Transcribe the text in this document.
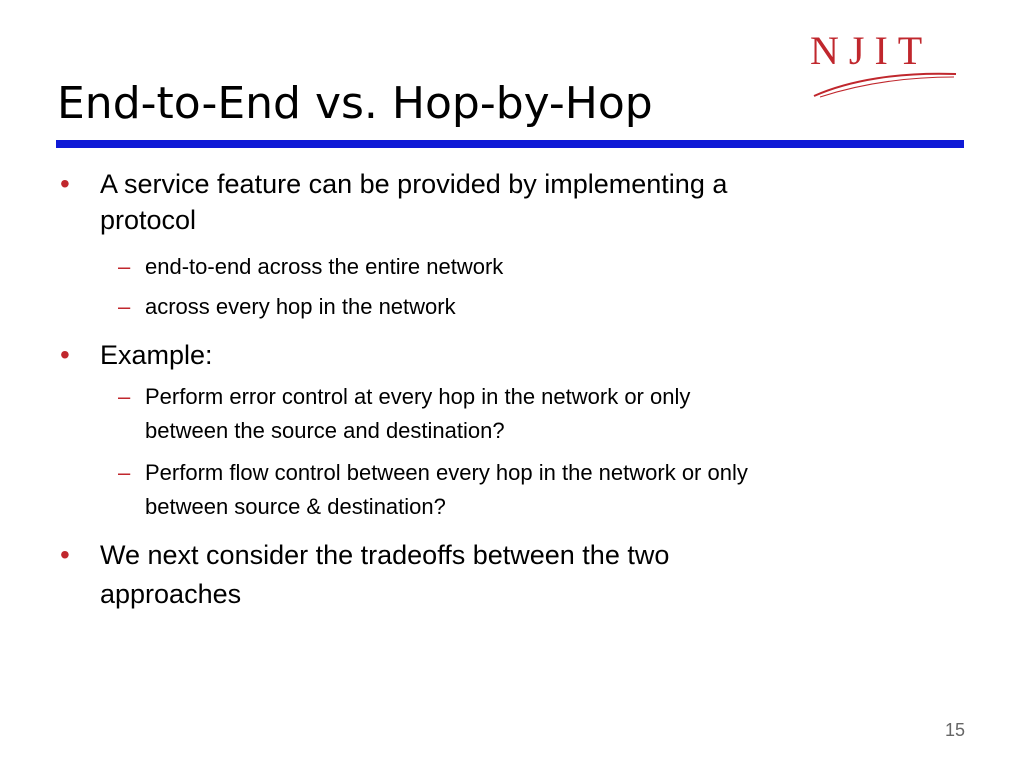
NJIT
End-to-End vs. Hop-by-Hop
• A service feature can be provided by implementing a
protocol
– end-to-end across the entire network
– across every hop in the network
• Example:
– Perform error control at every hop in the network or only
between the source and destination?
– Perform flow control between every hop in the network or only
between source & destination?
• We next consider the tradeoffs between the two
approaches
15
